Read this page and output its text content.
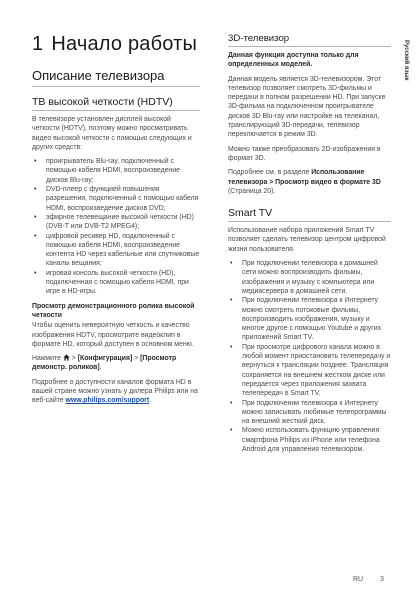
1 Начало работы
Описание телевизора
ТВ высокой четкости (HDTV)

В телевизоре установлен дисплей высокой четкости (HDTV), поэтому можно просматривать видео высокой четкости с помощью следующих и других средств:

• проигрыватель Blu-ray, подключенный с помощью кабеля HDMI, воспроизведение дисков Blu-ray;
• DVD-плеер с функцией повышения разрешения, подключенный с помощью кабеля HDMI, воспроизведение дисков DVD;
• эфирное телевещание высокой четкости (HD) (DVB-T или DVB-T2 MPEG4);
• цифровой ресивер HD, подключенный с помощью кабеля HDMI, воспроизведение контента HD через кабельные или спутниковые каналы вещания;
• игровая консоль высокой четкости (HD), подключенная с помощью кабеля HDMI, при игре в HD-игры.

Просмотр демонстрационного ролика высокой четкости

Чтобы оценить невероятную четкость и качество изображения HDTV, просмотрите видеоклип в формате HD, который доступен в основном меню.

Нажмите  > [Конфигурация] > [Просмотр демонстр. роликов].

Подробнее о доступности каналов формата HD в вашей стране можно узнать у дилера Philips или на веб-сайте www.philips.com/support.

3D-телевизор

Данная функция доступна только для определенных моделей.

Данная модель является 3D-телевизором. Этот телевизор позволяет смотреть 3D-фильмы и передачи в полном разрешении HD. При запуске 3D-фильма на подключенном проигрывателе дисков 3D Blu-ray или настройке на телеканал, транслирующий 3D-передачи, телевизор переключается в режим 3D.

Можно также преобразовать 2D-изображения в формат 3D.

Подробнее см. в разделе Использование телевизора > Просмотр видео в формате 3D (Страница 20).

Smart TV

Использование набора приложений Smart TV позволяет сделать телевизор центром цифровой жизни пользователя.

• При подключении телевизора к домашней сети можно воспроизводить фильмы, изображения и музыку с компьютера или медиасервера в домашней сети.
• При подключении телевизора к Интернету можно смотреть потоковые фильмы, воспроизводить изображения, музыку и многое другое с помощью Youtube и других приложений Smart TV.
• При просмотре цифрового канала можно в любой момент приостановить телепередачу и вернуться к трансляции позднее. Трансляция сохраняется на внешнем жестком диске или передается через приложения захвата телепередач в Smart TV.
• При подключении телевизора к Интернету можно записывать любимые телепрограммы на внешний жесткий диск.
• Можно использовать функцию управления смартфона Philips из iPhone или телефона Android для управления телевизором.
Русский язык
RU 3
